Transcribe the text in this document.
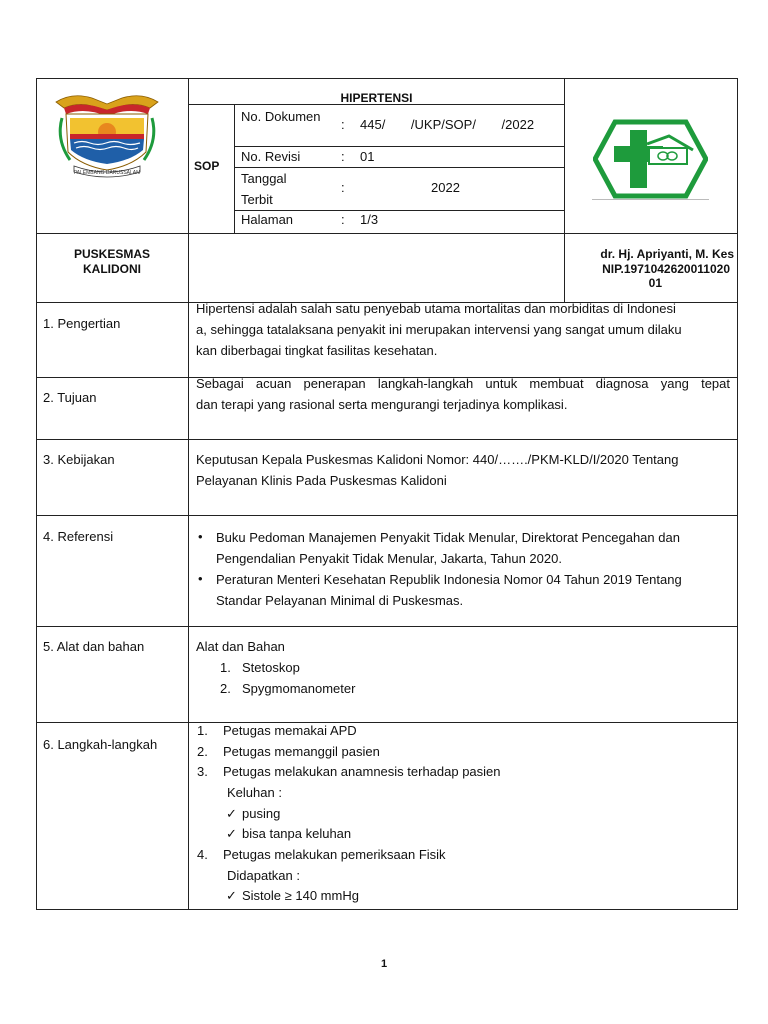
PALEMBANG DARUSSALAM
HIPERTENSI
SOP
No. Dokumen
: 445/ /UKP/SOP/ /2022
No. Revisi	: 01
Tanggal Terbit
:	2022
Halaman	: 1/3
PUSKESMAS
KALIDONI
dr. Hj. Apriyanti, M. Kes
NIP.1971042620011020
01
1. Pengertian
Hipertensi adalah salah satu penyebab utama mortalitas dan morbiditas di Indonesi
a, sehingga tatalaksana penyakit ini merupakan intervensi yang sangat umum dilaku
kan diberbagai tingkat fasilitas kesehatan.
2. Tujuan
Sebagai acuan penerapan langkah-langkah untuk membuat diagnosa yang tepat
dan terapi yang rasional serta mengurangi terjadinya komplikasi.
3. Kebijakan	Keputusan Kepala Puskesmas Kalidoni Nomor: 440/……./PKM-KLD/I/2020 Tentang
Pelayanan Klinis Pada Puskesmas Kalidoni
4. Referensi	• Buku Pedoman Manajemen Penyakit Tidak Menular, Direktorat Pencegahan dan
Pengendalian Penyakit Tidak Menular, Jakarta, Tahun 2020.
• Peraturan Menteri Kesehatan Republik Indonesia Nomor 04 Tahun 2019 Tentang
Standar Pelayanan Minimal di Puskesmas.
5. Alat dan bahan	Alat dan Bahan
1. Stetoskop
2. Spygmomanometer
6. Langkah-langkah
1. Petugas memakai APD
2. Petugas memanggil pasien
3. Petugas melakukan anamnesis terhadap pasien
Keluhan :
✓ pusing
✓ bisa tanpa keluhan
4. Petugas melakukan pemeriksaan Fisik
Didapatkan :
✓ Sistole ≥ 140 mmHg
1
